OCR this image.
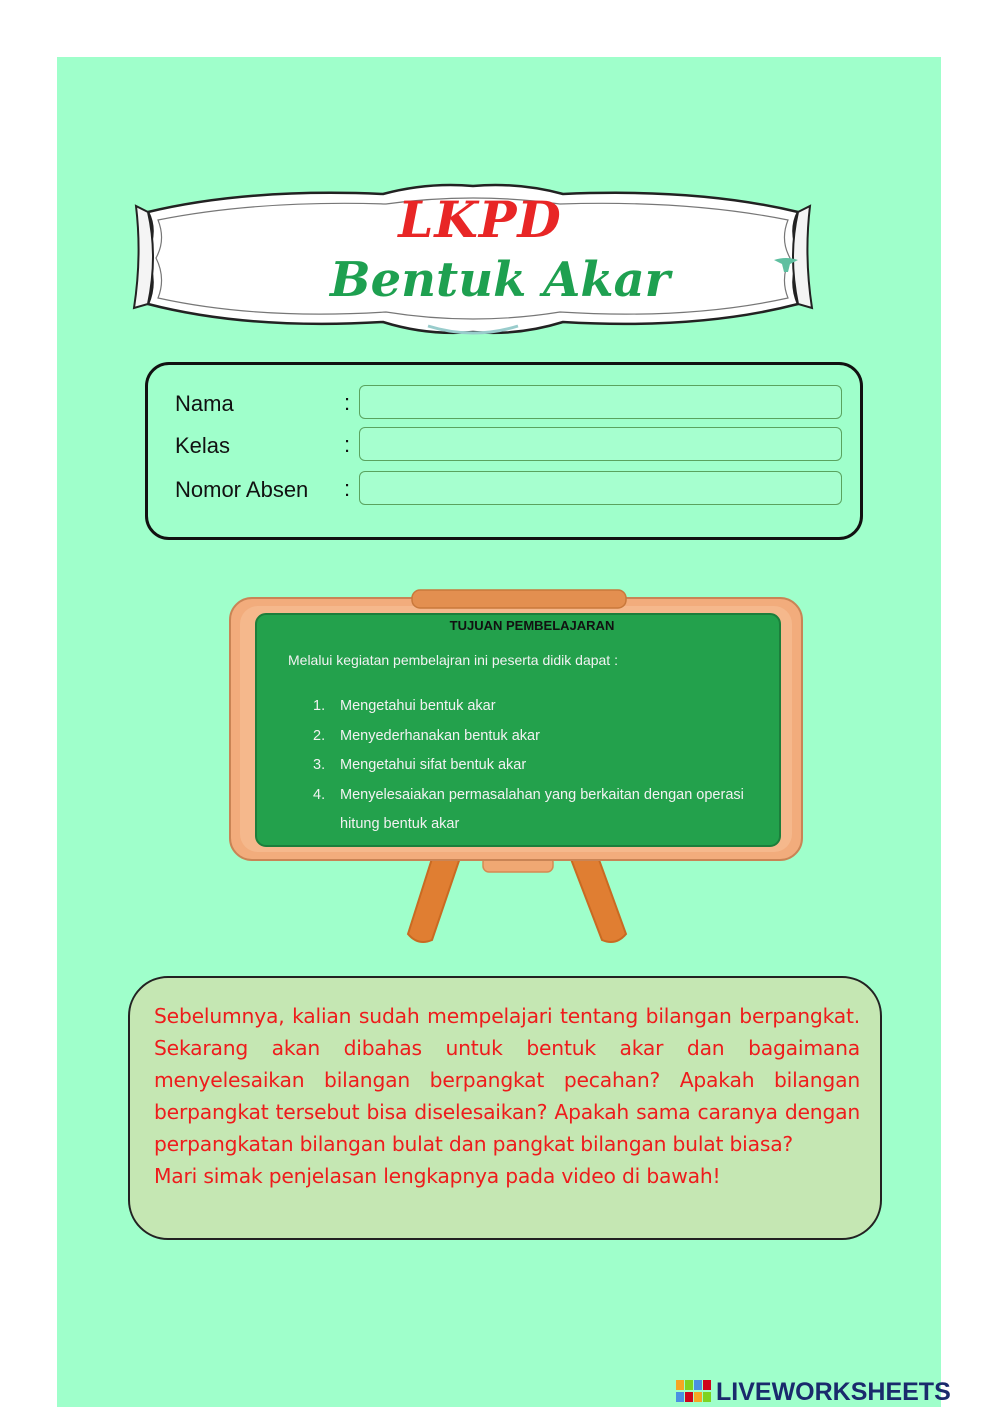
LKPD
Bentuk Akar
Nama	:
Kelas	:
Nomor Absen :
TUJUAN PEMBELAJARAN
Melalui kegiatan pembelajran ini peserta didik dapat :
1. Mengetahui bentuk akar
2. Menyederhanakan bentuk akar
3. Mengetahui sifat bentuk akar
4. Menyelesaiakan permasalahan yang berkaitan dengan operasi hitung bentuk akar

Sebelumnya, kalian sudah mempelajari tentang bilangan berpangkat. Sekarang akan dibahas untuk bentuk akar dan bagaimana menyelesaikan bilangan berpangkat pecahan? Apakah bilangan berpangkat tersebut bisa diselesaikan? Apakah sama caranya dengan perpangkatan bilangan bulat dan pangkat bilangan bulat biasa?

Mari simak penjelasan lengkapnya pada video di bawah!

LIVEWORKSHEETS
